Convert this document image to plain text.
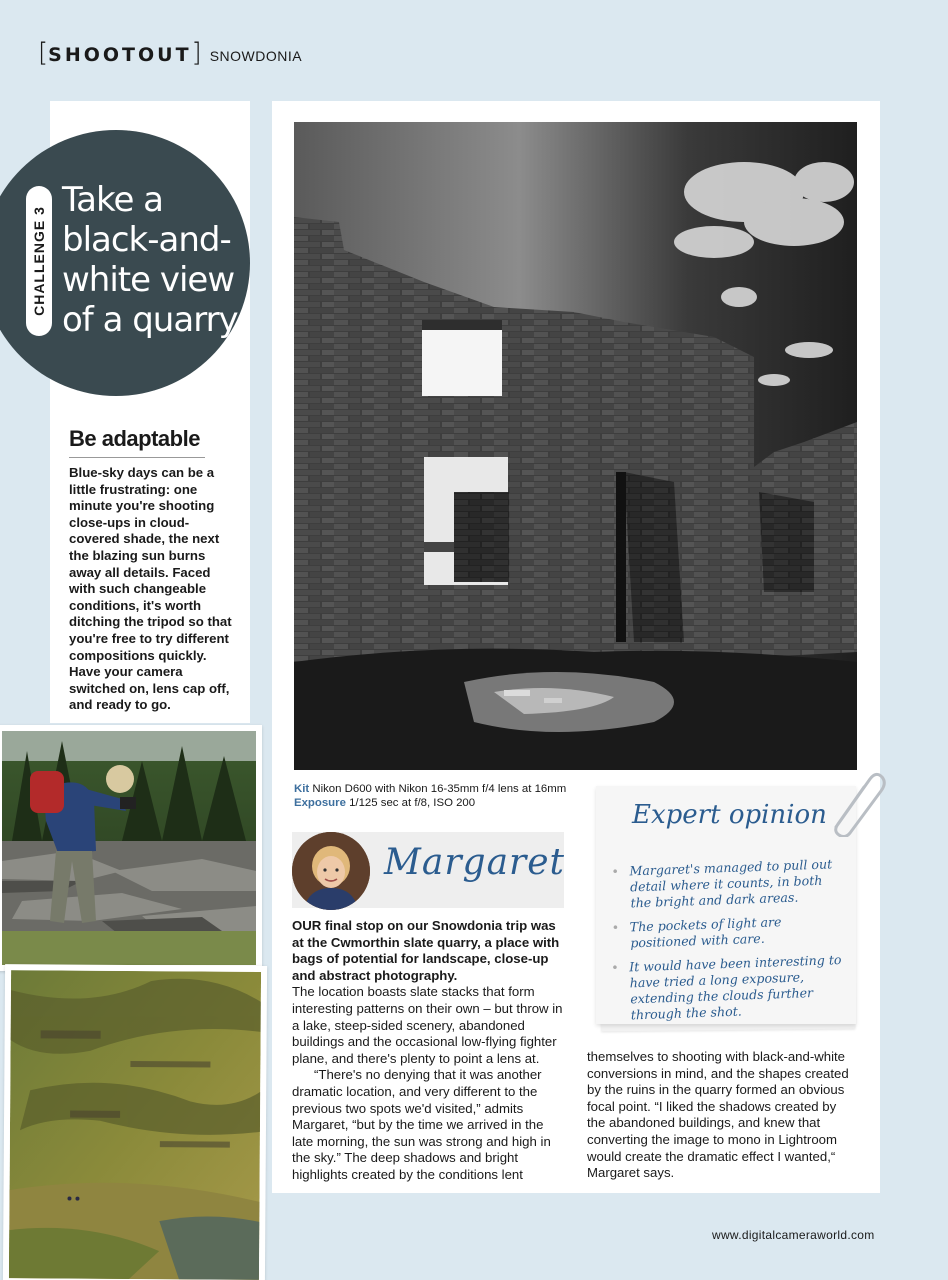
[ SHOOTOUT ] SNOWDONIA
CHALLENGE 3
Take a black-and-white view of a quarry
Be adaptable
Blue-sky days can be a little frustrating: one minute you're shooting close-ups in cloud-covered shade, the next the blazing sun burns away all details. Faced with such changeable conditions, it's worth ditching the tripod so that you're free to try different compositions quickly. Have your camera switched on, lens cap off, and ready to go.
Kit Nikon D600 with Nikon 16-35mm f/4 lens at 16mm
Exposure 1/125 sec at f/8, ISO 200
Margaret

OUR final stop on our Snowdonia trip was at the Cwmorthin slate quarry, a place with bags of potential for landscape, close-up and abstract photography.

The location boasts slate stacks that form interesting patterns on their own – but throw in a lake, steep-sided scenery, abandoned buildings and the occasional low-flying fighter plane, and there's plenty to point a lens at.

“There's no denying that it was another dramatic location, and very different to the previous two spots we'd visited,” admits Margaret, “but by the time we arrived in the late morning, the sun was strong and high in the sky.” The deep shadows and bright highlights created by the conditions lent

themselves to shooting with black-and-white conversions in mind, and the shapes created by the ruins in the quarry formed an obvious focal point. “I liked the shadows created by the abandoned buildings, and knew that converting the image to mono in Lightroom would create the dramatic effect I wanted,“ Margaret says.

Expert opinion
• Margaret's managed to pull out detail where it counts, in both the bright and dark areas.
• The pockets of light are positioned with care.
• It would have been interesting to have tried a long exposure, extending the clouds further through the shot.
www.digitalcameraworld.com
